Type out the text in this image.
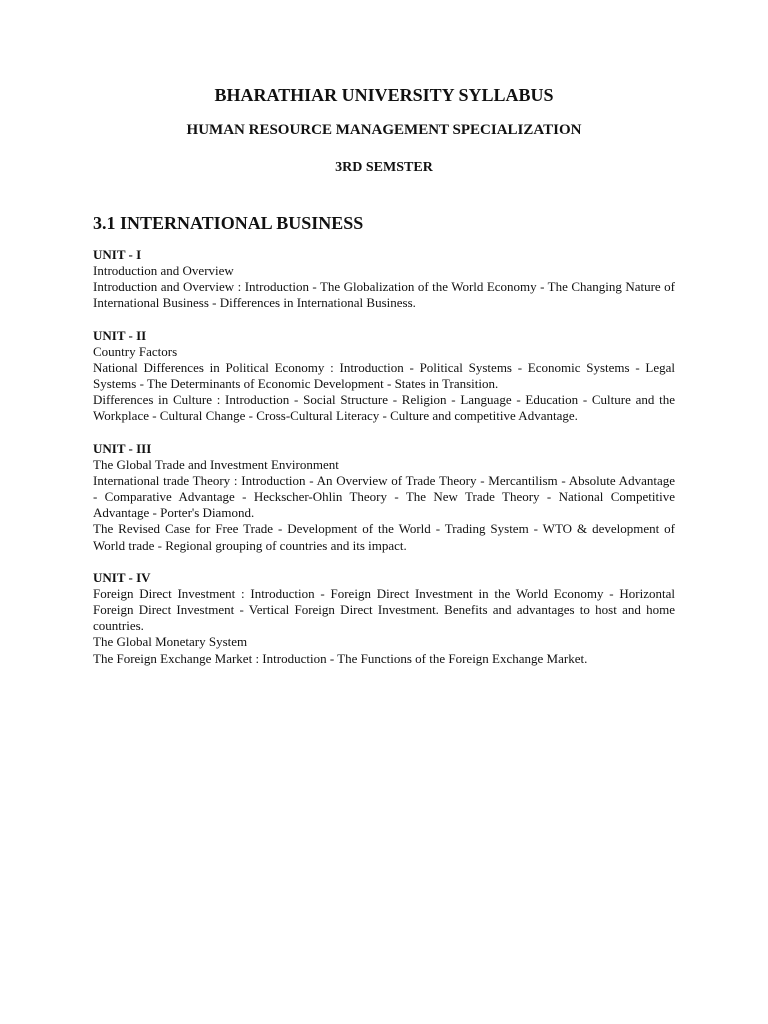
BHARATHIAR UNIVERSITY SYLLABUS
HUMAN RESOURCE MANAGEMENT SPECIALIZATION
3RD SEMSTER
3.1 INTERNATIONAL BUSINESS

UNIT - I

Introduction and Overview

Introduction and Overview : Introduction - The Globalization of the World Economy - The Changing Nature of International Business - Differences in International Business.

UNIT - II

Country Factors

National Differences in Political Economy : Introduction - Political Systems - Economic Systems - Legal Systems - The Determinants of Economic Development - States in Transition.

Differences in Culture : Introduction - Social Structure - Religion - Language - Education - Culture and the Workplace - Cultural Change - Cross-Cultural Literacy - Culture and competitive Advantage.

UNIT - III

The Global Trade and Investment Environment

International trade Theory : Introduction - An Overview of Trade Theory - Mercantilism - Absolute Advantage - Comparative Advantage - Heckscher-Ohlin Theory - The New Trade Theory - National Competitive Advantage - Porter's Diamond.

The Revised Case for Free Trade - Development of the World - Trading System - WTO & development of World trade - Regional grouping of countries and its impact.

UNIT - IV

Foreign Direct Investment : Introduction - Foreign Direct Investment in the World Economy - Horizontal Foreign Direct Investment - Vertical Foreign Direct Investment. Benefits and advantages to host and home countries.

The Global Monetary System

The Foreign Exchange Market : Introduction - The Functions of the Foreign Exchange Market.
